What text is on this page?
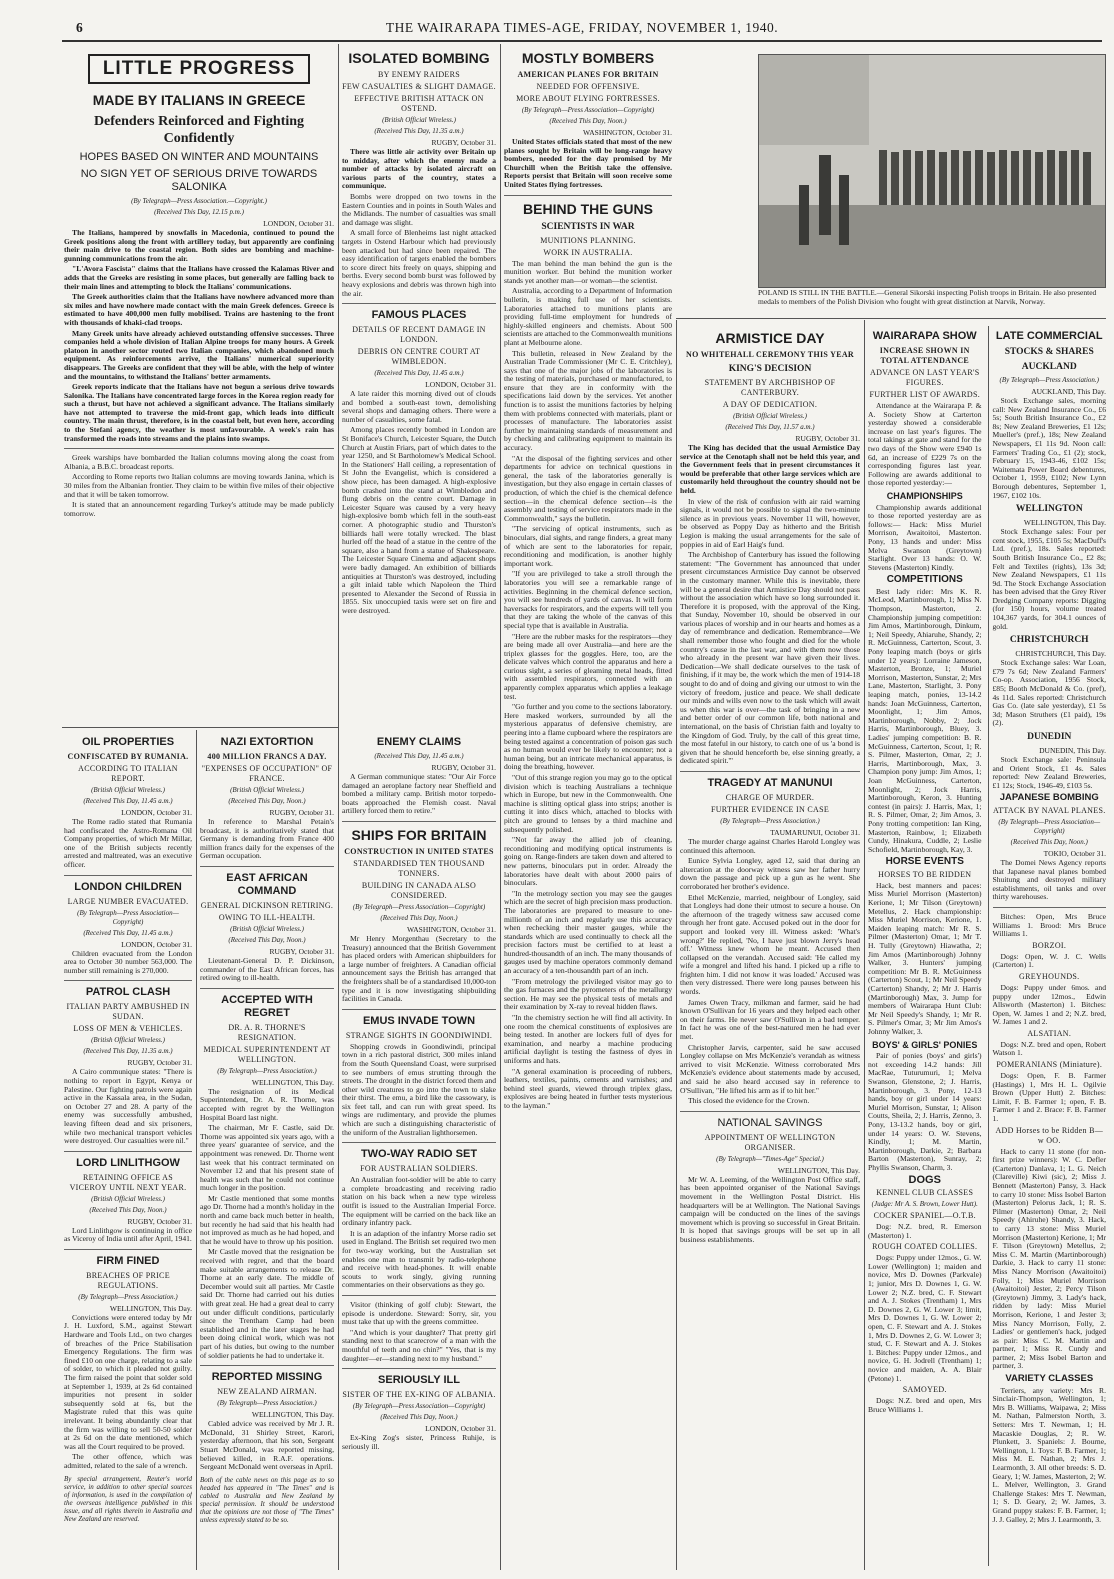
6	THE WAIRARAPA TIMES-AGE, FRIDAY, NOVEMBER 1, 1940.
LITTLE PROGRESS
MADE BY ITALIANS IN GREECE
Defenders Reinforced and Fighting Confidently
HOPES BASED ON WINTER AND MOUNTAINS
NO SIGN YET OF SERIOUS DRIVE TOWARDS SALONIKA
(By Telegraph—Press Association.—Copyright.)
(Received This Day, 12.15 p.m.)
LONDON, October 31.

The Italians, hampered by snowfalls in Macedonia, continued to pound the Greek positions along the front with artillery today, but apparently are confining their main drive to the coastal region. Both sides are bombing and machine-gunning communications from the air.

"L'Avora Fascista" claims that the Italians have crossed the Kalamas River and adds that the Greeks are resisting in some places, but generally are falling back to their main lines and attempting to block the Italians' communications.

The Greek authorities claim that the Italians have nowhere advanced more than six miles and have nowhere made contact with the main Greek defences. Greece is estimated to have 400,000 men fully mobilised. Trains are hastening to the front with thousands of khaki-clad troops.

Many Greek units have already achieved outstanding offensive successes. Three companies held a whole division of Italian Alpine troops for many hours. A Greek platoon in another sector routed two Italian companies, which abandoned much equipment. As reinforcements arrive, the Italians' numerical superiority disappears. The Greeks are confident that they will be able, with the help of winter and the mountains, to withstand the Italians' better armaments.

Greek reports indicate that the Italians have not begun a serious drive towards Salonika. The Italians have concentrated large forces in the Korea region ready for such a thrust, but have not achieved a significant advance. The Italians similarly have not attempted to traverse the mid-front gap, which leads into difficult country. The main thrust, therefore, is in the coastal belt, but even here, according to the Stefani agency, the weather is most unfavourable. A week's rain has transformed the roads into streams and the plains into swamps.

Greek warships have bombarded the Italian columns moving along the coast from Albania, a B.B.C. broadcast reports.

According to Rome reports two Italian columns are moving towards Janina, which is 30 miles from the Albanian frontier. They claim to be within five miles of their objective and that it will be taken tomorrow.

It is stated that an announcement regarding Turkey's attitude may be made publicly tomorrow.

ISOLATED BOMBING
BY ENEMY RAIDERS
FEW CASUALTIES & SLIGHT DAMAGE.
EFFECTIVE BRITISH ATTACK ON OSTEND.
(British Official Wireless.)
(Received This Day, 11.35 a.m.)
RUGBY, October 31.

There was little air activity over Britain up to midday, after which the enemy made a number of attacks by isolated aircraft on various parts of the country, states a communique.

Bombs were dropped on two towns in the Eastern Counties and in points in South Wales and the Midlands. The number of casualties was small and damage was slight.

A small force of Blenheims last night attacked targets in Ostend Harbour which had previously been attacked but had since been repaired. The easy identification of targets enabled the bombers to score direct hits freely on quays, shipping and berths. Every second bomb burst was followed by heavy explosions and debris was thrown high into the air.

FAMOUS PLACES
DETAILS OF RECENT DAMAGE IN LONDON.
DEBRIS ON CENTRE COURT AT WIMBLEDON.
(Received This Day, 11.45 a.m.)
LONDON, October 31.

A late raider this morning dived out of clouds and bombed a south-east town, demolishing several shops and damaging others. There were a number of casualties, some fatal.

Among places recently bombed in London are St Boniface's Church, Leicester Square, the Dutch Church at Austin Friars, part of which dates to the year 1250, and St Bartholomew's Medical School. In the Stationers' Hall ceiling, a representation of St John the Evangelist, which is considered a show piece, has been damaged. A high-explosive bomb crashed into the stand at Wimbledon and flung debris on the centre court. Damage in Leicester Square was caused by a very heavy high-explosive bomb which fell in the south-east corner. A photographic studio and Thurston's billiards hall were totally wrecked. The blast hurled off the head of a statue in the centre of the square, also a hand from a statue of Shakespeare. The Leicester Square Cinema and adjacent shops were badly damaged. An exhibition of billiards antiquities at Thurston's was destroyed, including a gilt inlaid table which Napoleon the Third presented to Alexander the Second of Russia in 1855. Six unoccupied taxis were set on fire and were destroyed.

MOSTLY BOMBERS
AMERICAN PLANES FOR BRITAIN
NEEDED FOR OFFENSIVE.
MORE ABOUT FLYING FORTRESSES.
(By Telegraph—Press Association—Copyright)
(Received This Day, Noon.)
WASHINGTON, October 31.

United States officials stated that most of the new planes sought by Britain will be long-range heavy bombers, needed for the day promised by Mr Churchill when the British take the offensive. Reports persist that Britain will soon receive some United States flying fortresses.

BEHIND THE GUNS
SCIENTISTS IN WAR
MUNITIONS PLANNING.
WORK IN AUSTRALIA.

The man behind the man behind the gun is the munition worker. But behind the munition worker stands yet another man—or woman—the scientist.

Australia, according to a Department of Information bulletin, is making full use of her scientists. Laboratories attached to munitions plants are providing full-time employment for hundreds of highly-skilled engineers and chemists. About 500 scientists are attached to the Commonwealth munitions plant at Melbourne alone.

This bulletin, released in New Zealand by the Australian Trade Commissioner (Mr C. E. Critchley), says that one of the major jobs of the laboratories is the testing of materials, purchased or manufactured, to ensure that they are in conformity with the specifications laid down by the services. Yet another function is to assist the munitions factories by helping them with problems connected with materials, plant or processes of manufacture. The laboratories assist further by maintaining standards of measurement and by checking and calibrating equipment to maintain its accuracy.

"At the disposal of the fighting services and other departments for advice on technical questions in general, the task of the laboratories generally is investigation, but they also engage in certain classes of production, of which the chief is the chemical defence section—in the chemical defence section—is the assembly and testing of service respirators made in the Commonwealth," says the bulletin.

"The servicing of optical instruments, such as binoculars, dial sights, and range finders, a great many of which are sent to the laboratories for repair, reconditioning and modification, is another highly important work.

"If you are privileged to take a stroll through the laboratories you will see a remarkable range of activities. Beginning in the chemical defence section, you will see hundreds of yards of canvas. It will form haversacks for respirators, and the experts will tell you that they are taking the whole of the canvas of this special type that is available in Australia.

"Here are the rubber masks for the respirators—they are being made all over Australia—and here are the triplex glasses for the goggles. Here, too, are the delicate valves which control the apparatus and here a curious sight, a series of gleaming metal heads, fitted with assembled respirators, connected with an apparently complex apparatus which applies a leakage test.

"Go further and you come to the sections laboratory. Here masked workers, surrounded by all the mysterious apparatus of defensive chemistry, are peering into a flame cupboard where the respirators are being tested against a concentration of poison gas such as no human would ever be likely to encounter; not a human being, but an intricate mechanical apparatus, is doing the breathing, however.

"Out of this strange region you may go to the optical division which is teaching Australians a technique which in Europe, but new in the Commonwealth. One machine is slitting optical glass into strips; another is cutting it into discs which, attached to blocks with pitch are ground to lenses by a third machine and subsequently polished.

"Not far away the allied job of cleaning, reconditioning and modifying optical instruments is going on. Range-finders are taken down and altered to new patterns, binoculars put in order. Already the laboratories have dealt with about 2000 pairs of binoculars.

"In the metrology section you may see the gauges which are the secret of high precision mass production. The laboratories are prepared to measure to one-millionth of an inch and regularly use this accuracy when rechecking their master gauges, while the standards which are used continually to check all the precision factors must be certified to at least a hundred-thousandth of an inch. The many thousands of gauges used by machine operators commonly demand an accuracy of a ten-thousandth part of an inch.

"From metrology the privileged visitor may go to the gas furnaces and the pyrometers of the metallurgy section. He may see the physical tests of metals and their examination by X-ray to reveal hidden flaws.

"In the chemistry section he will find all activity. In one room the chemical constituents of explosives are being tested. In another are lockers full of dyes for examination, and nearby a machine producing artificial daylight is testing the fastness of dyes in uniforms and hats.

"A general examination is proceeding of rubbers, leathers, textiles, paints, cements and varnishes; and behind steel guards, viewed through triplex glass, explosives are being heated in further tests mysterious to the layman."

POLAND IS STILL IN THE BATTLE.—General Sikorski inspecting Polish troops in Britain. He also presented medals to members of the Polish Division who fought with great distinction at Narvik, Norway.
ARMISTICE DAY
NO WHITEHALL CEREMONY THIS YEAR
KING'S DECISION
STATEMENT BY ARCHBISHOP OF CANTERBURY.
A DAY OF DEDICATION.
(British Official Wireless.)
(Received This Day, 11.57 a.m.)
RUGBY, October 31.

The King has decided that the usual Armistice Day service at the Cenotaph shall not be held this year, and the Government feels that in present circumstances it would be preferable that other large services which are customarily held throughout the country should not be held.

In view of the risk of confusion with air raid warning signals, it would not be possible to signal the two-minute silence as in previous years. November 11 will, however, be observed as Poppy Day as hitherto and the British Legion is making the usual arrangements for the sale of poppies in aid of Earl Haig's fund.

The Archbishop of Canterbury has issued the following statement: "The Government has announced that under present circumstances Armistice Day cannot be observed in the customary manner. While this is inevitable, there will be a general desire that Armistice Day should not pass without the association which have so long surrounded it. Therefore it is proposed, with the approval of the King, that Sunday, November 10, should be observed in our various places of worship and in our hearts and homes as a day of remembrance and dedication. Remembrance—We shall remember those who fought and died for the whole country's cause in the last war, and with them now those who already in the present war have given their lives. Dedication—We shall dedicate ourselves to the task of finishing, if it may be, the work which the men of 1914-18 sought to do and of doing and giving our utmost to win the victory of freedom, justice and peace. We shall dedicate our minds and wills even now to the task which will await us when this war is over—the task of bringing in a new and better order of our common life, both national and international, on the basis of Christian faith and loyalty to the Kingdom of God. Truly, by the call of this great time, the most fateful in our history, to catch one of us 'a bond is given that he should henceforth be, else sinning greatly, a dedicated spirit.'"

TRAGEDY AT MANUNUI
CHARGE OF MURDER.
FURTHER EVIDENCE IN CASE
(By Telegraph—Press Association.)
TAUMARUNUI, October 31.

The murder charge against Charles Harold Longley was continued this afternoon.

Eunice Sylvia Longley, aged 12, said that during an altercation at the doorway witness saw her father hurry down the passage and pick up a gun as he went. She corroborated her brother's evidence.

Ethel McKenzie, married, neighbour of Longley, said that Longleys had done their utmost to secure a house. On the afternoon of the tragedy witness saw accused come through her front gate. Accused poked out in the door for support and looked very ill. Witness asked: 'What's wrong?' He replied, 'No, I have just blown Jerry's head off.' Witness knew whom he meant. Accused then collapsed on the verandah. Accused said: 'He called my wife a mongrel and lifted his hand. I picked up a rifle to frighten him. I did not know it was loaded.' Accused was then very distressed. There were long pauses between his words.

James Owen Tracy, milkman and farmer, said he had known O'Sullivan for 16 years and they helped each other on their farms. He never saw O'Sullivan in a bad temper. In fact he was one of the best-natured men he had ever met.

Christopher Jarvis, carpenter, said he saw accused Longley collapse on Mrs McKenzie's verandah as witness arrived to visit McKenzie. Witness corroborated Mrs McKenzie's evidence about statements made by accused, and said he also heard accused say in reference to O'Sullivan, "He lifted his arm as if to hit her."

This closed the evidence for the Crown.

NATIONAL SAVINGS
APPOINTMENT OF WELLINGTON ORGANISER.
(By Telegraph—"Times-Age" Special.)
WELLINGTON, This Day.

Mr W. A. Leeming, of the Wellington Post Office staff, has been appointed organiser of the National Savings movement in the Wellington Postal District. His headquarters will be at Wellington. The National Savings campaign will be conducted on the lines of the savings movement which is proving so successful in Great Britain. It is hoped that savings groups will be set up in all business establishments.

OIL PROPERTIES
CONFISCATED BY RUMANIA.
ACCORDING TO ITALIAN REPORT.
(British Official Wireless.)
(Received This Day, 11.45 a.m.)
LONDON, October 31.

The Rome radio stated that Rumania had confiscated the Astro-Romana Oil Company properties, of which Mr Millar, one of the British subjects recently arrested and maltreated, was an executive officer.

LONDON CHILDREN
LARGE NUMBER EVACUATED.
(By Telegraph—Press Association—Copyright)
(Received This Day, 11.45 a.m.)
LONDON, October 31.

Children evacuated from the London area to October 30 number 563,000. The number still remaining is 270,000.

PATROL CLASH
ITALIAN PARTY AMBUSHED IN SUDAN.
LOSS OF MEN & VEHICLES.
(British Official Wireless.)
(Received This Day, 11.35 a.m.)
RUGBY, October 31.

A Cairo communique states: "There is nothing to report in Egypt, Kenya or Palestine. Our fighting patrols were again active in the Kassala area, in the Sudan, on October 27 and 28. A party of the enemy was successfully ambushed, leaving fifteen dead and six prisoners, while two mechanical transport vehicles were destroyed. Our casualties were nil."

LORD LINLITHGOW
RETAINING OFFICE AS VICEROY UNTIL NEXT YEAR.
(British Official Wireless.)
(Received This Day, Noon.)
RUGBY, October 31.

Lord Linlithgow is continuing in office as Viceroy of India until after April, 1941.

FIRM FINED
BREACHES OF PRICE REGULATIONS.
(By Telegraph—Press Association.)
WELLINGTON, This Day.

Convictions were entered today by Mr J. H. Luxford, S.M., against Stewart Hardware and Tools Ltd., on two charges of breaches of the Price Stabilisation Emergency Regulations. The firm was fined £10 on one charge, relating to a sale of solder, to which it pleaded not guilty. The firm raised the point that solder sold at September 1, 1939, at 2s 6d contained impurities not present in solder subsequently sold at 6s, but the Magistrate ruled that this was quite irrelevant. It being abundantly clear that the firm was willing to sell 50-50 solder at 2s 6d on the date mentioned, which was all the Court required to be proved.

The other offence, which was admitted, related to the sale of a wrench.

By special arrangement, Reuter's world service, in addition to other special sources of information, is used in the compilation of the overseas intelligence published in this issue, and all rights therein in Australia and New Zealand are reserved.
NAZI EXTORTION
400 MILLION FRANCS A DAY.
"EXPENSES OF OCCUPATION" OF FRANCE.
(British Official Wireless.)
(Received This Day, Noon.)
RUGBY, October 31.

In reference to Marshal Petain's broadcast, it is authoritatively stated that Germany is demanding from France 400 million francs daily for the expenses of the German occupation.

EAST AFRICAN COMMAND
GENERAL DICKINSON RETIRING.
OWING TO ILL-HEALTH.
(British Official Wireless.)
(Received This Day, Noon.)
RUGBY, October 31.

Lieutenant-General D. P. Dickinson, commander of the East African forces, has retired owing to ill-health.

ACCEPTED WITH REGRET
DR. A. R. THORNE'S RESIGNATION.
MEDICAL SUPERINTENDENT AT WELLINGTON.
(By Telegraph—Press Association.)
WELLINGTON, This Day.

The resignation of its Medical Superintendent, Dr. A. R. Thorne, was accepted with regret by the Wellington Hospital Board last night.

The chairman, Mr F. Castle, said Dr. Thorne was appointed six years ago, with a three years' guarantee of service, and the appointment was renewed. Dr. Thorne went last week that his contract terminated on November 12 and that his present state of health was such that he could not continue much longer in the position.

Mr Castle mentioned that some months ago Dr. Thorne had a month's holiday in the north and came back much better in health, but recently he had said that his health had not improved as much as he had hoped, and that he would have to throw up his position.

Mr Castle moved that the resignation be received with regret, and that the board make suitable arrangements to release Dr. Thorne at an early date. The middle of December would suit all parties. Mr Castle said Dr. Thorne had carried out his duties with great zeal. He had a great deal to carry out under difficult conditions, particularly since the Trentham Camp had been established and in the later stages he had been doing clinical work, which was not part of his duties, but owing to the number of soldier patients he had to undertake it.

REPORTED MISSING
NEW ZEALAND AIRMAN.
(By Telegraph—Press Association.)
WELLINGTON, This Day.

Cabled advice was received by Mr J. R. McDonald, 31 Shirley Street, Karori, yesterday afternoon, that his son, Sergeant Stuart McDonald, was reported missing, believed killed, in R.A.F. operations. Sergeant McDonald went overseas in April.

Both of the cable news on this page as to so headed has appeared in "The Times" and is cabled to Australia and New Zealand by special permission. It should be understood that the opinions are not those of "The Times" unless expressly stated to be so.
ENEMY CLAIMS
(Received This Day, 11.45 a.m.)
RUGBY, October 31.

A German communique states: "Our Air Force damaged an aeroplane factory near Sheffield and bombed a military camp. British motor torpedo-boats approached the Flemish coast. Naval artillery forced them to retire."

SHIPS FOR BRITAIN
CONSTRUCTION IN UNITED STATES
STANDARDISED TEN THOUSAND TONNERS.
BUILDING IN CANADA ALSO CONSIDERED.
(By Telegraph—Press Association—Copyright)
(Received This Day, Noon.)
WASHINGTON, October 31.

Mr Henry Morgenthau (Secretary to the Treasury) announced that the British Government has placed orders with American shipbuilders for a large number of freighters. A Canadian official announcement says the British has arranged that the freighters shall be of a standardised 10,000-ton type and it is now investigating shipbuilding facilities in Canada.

EMUS INVADE TOWN
STRANGE SIGHTS IN GOONDIWINDI.

Shopping crowds in Goondiwindi, principal town in a rich pastoral district, 300 miles inland from the South Queensland Coast, were surprised to see numbers of emus strutting through the streets. The drought in the district forced them and other wild creatures to go into the town to slake their thirst. The emu, a bird like the cassowary, is six feet tall, and can run with great speed. Its wings are rudimentary, and provide the plumes which are such a distinguishing characteristic of the uniform of the Australian lighthorsemen.

TWO-WAY RADIO SET
FOR AUSTRALIAN SOLDIERS.

An Australian foot-soldier will be able to carry a complete broadcasting and receiving radio station on his back when a new type wireless outfit is issued to the Australian Imperial Force. The equipment will be carried on the back like an ordinary infantry pack.

It is an adaption of the infantry Morse radio set used in England. The British set required two men for two-way working, but the Australian set enables one man to transmit by radio-telephone and receive with head-phones. It will enable scouts to work singly, giving running commentaries on their observations as they go.

Visitor (thinking of golf club): Stewart, the episode is underdone. Steward: Sorry, sir, you must take that up with the greens committee.

"And which is your daughter? That pretty girl standing next to that scarecrow of a man with the mouthful of teeth and no chin?" "Yes, that is my daughter—er—standing next to my husband."

SERIOUSLY ILL
SISTER OF THE EX-KING OF ALBANIA.
(By Telegraph—Press Association—Copyright)
(Received This Day, Noon.)
LONDON, October 31.

Ex-King Zog's sister, Princess Ruhije, is seriously ill.

WAIRARAPA SHOW
INCREASE SHOWN IN TOTAL ATTENDANCE
ADVANCE ON LAST YEAR'S FIGURES.
FURTHER LIST OF AWARDS.

Attendance at the Wairarapa P. & A. Society Show at Carterton yesterday showed a considerable increase on last year's figures. The total takings at gate and stand for the two days of the Show were £940 1s 6d, an increase of £229 7s on the corresponding figures last year. Following are awards additional to those reported yesterday:—

CHAMPIONSHIPS

Championship awards additional to those reported yesterday are as follows:— Hack: Miss Muriel Morrison, Awaitoitoi, Masterton. Pony, 13 hands and under: Miss Melva Swanson (Greytown) Starlight. Over 13 hands: O. W. Stevens (Masterton) Kindly.

COMPETITIONS

Best lady rider: Mrs K. R. McLeod, Martinborough, 1; Miss N. Thompson, Masterton, 2. Championship jumping competition: Jim Amos, Martinborough, Dinkum, 1; Neil Speedy, Ahiaruhe, Shandy, 2; R. McGuinness, Carterton, Scout, 3. Pony leaping match (boys or girls under 12 years): Lorraine Jameson, Masterton, Bronze, 1; Muriel Morrison, Masterton, Sunstar, 2; Mrs Lane, Masterton, Starlight, 3. Pony leaping match, ponies, 13-14.2 hands: Joan McGuinness, Carterton, Moonlight, 1; Jim Amos, Martinborough, Nobby, 2; Jock Harris, Martinborough, Bluey, 3. Ladies' jumping competition: B. R. McGuinness, Carterton, Scout, 1; R. S. Pilmer, Masterton, Omar, 2; J. Harris, Martinborough, Max, 3. Champion pony jump: Jim Amos, 1; Joan McGuinness, Carterton, Moonlight, 2; Jock Harris, Martinborough, Keron, 3. Hunting contest (in pairs): J. Harris, Max, 1; R. S. Pilmer, Omar, 2; Jim Amos, 3. Pony trotting competition: Ian King, Masterton, Rainbow, 1; Elizabeth Cundy, Hinakura, Cuddle, 2; Leslie Schofield, Martinborough, Kay, 3.

HORSE EVENTS
HORSES TO BE RIDDEN

Hack, best manners and paces: Miss Muriel Morrison (Masterton) Kerione, 1; Mr Tilson (Greytown) Metellus, 2. Hack championship: Miss Muriel Morrison, Kerione, 1. Maiden leaping match: Mr R. S. Pilmer (Masterton) Omar, 1; Mr T. H. Tully (Greytown) Hiawatha, 2; Jim Amos (Martinborough) Johnny Walker, 3. Hunters' jumping competition: Mr B. R. McGuinness (Carterton) Scout, 1; Mr Neil Speedy (Carterton) Shandy, 2; Mr J. Harris (Martinborough) Max, 3. Jump for members of Wairarapa Hunt Club: Mr Neil Speedy's Shandy, 1; Mr R. S. Pilmer's Omar, 3; Mr Jim Amos's Johnny Walker, 3.

BOYS' & GIRLS' PONIES

Pair of ponies (boys' and girls') not exceeding 14.2 hands: Jill MacRae, Tuturumuri, 1; Melva Swanson, Glenstone, 2; J. Harris, Martinborough, 3. Pony, 12-13 hands, boy or girl under 14 years: Muriel Morrison, Sunstar, 1; Alison Coutts, Sheila, 2; J. Harris, Zenno, 3. Pony, 13-13.2 hands, boy or girl, under 14 years: O. W. Stevens, Kindly, 1; M. Martin, Martinborough, Darkie, 2; Barbara Barton (Masterton), Sunray, 2; Phyllis Swanson, Charm, 3.

DOGS
KENNEL CLUB CLASSES
(Judge: Mr A. S. Brown, Lower Hutt).
COCKER SPANIEL—O.T.B.

Dog: N.Z. bred, R. Emerson (Masterton) 1.

ROUGH COATED COLLIES.

Dogs: Puppy under 12mos., G. W. Lower (Wellington) 1; maiden and novice, Mrs D. Downes (Parkvale) 1; junior, Mrs D. Downes 1, G. W. Lower 2; N.Z. bred, C. F. Stewart and A. J. Stokes (Trentham) 1, Mrs D. Downes 2, G. W. Lower 3; limit, Mrs D. Downes 1, G. W. Lower 2; open, C. F. Stewart and A. J. Stokes 1, Mrs D. Downes 2, G. W. Lower 3; stud, C. F. Stewart and A. J. Stokes 1. Bitches: Puppy under 12mos., and novice, G. H. Jodrell (Trentham) 1; novice and maiden, A. A. Blair (Petone) 1.

SAMOYED.

Dogs: N.Z. bred and open, Mrs Bruce Williams 1.

LATE COMMERCIAL
STOCKS & SHARES
AUCKLAND
(By Telegraph—Press Association.)
AUCKLAND, This Day.

Stock Exchange sales, morning call: New Zealand Insurance Co., £6 5s; South British Insurance Co., £2 8s; New Zealand Breweries, £1 12s; Mueller's (pref.), 18s; New Zealand Newspapers, £1 11s 9d. Noon call: Farmers' Trading Co., £1 (2); stock, February 15, 1943-46, £102 15s; Waitemata Power Board debentures, October 1, 1959, £102; New Lynn Borough debentures, September 1, 1967, £102 10s.

WELLINGTON
WELLINGTON, This Day.

Stock Exchange sales: Four per cent stock, 1955, £105 5s; MacDuff's Ltd. (pref.), 18s. Sales reported: South British Insurance Co., £2 8s; Felt and Textiles (rights), 13s 3d; New Zealand Newspapers, £1 11s 9d. The Stock Exchange Association has been advised that the Grey River Dredging Company reports: Digging (for 150) hours, volume treated 104,367 yards, for 304.1 ounces of gold.

CHRISTCHURCH
CHRISTCHURCH, This Day.

Stock Exchange sales: War Loan, £79 7s 6d; New Zealand Farmers' Co-op. Association, 1956 Stock, £85; Booth McDonald & Co. (pref), 4s 11d. Sales reported: Christchurch Gas Co. (late sale yesterday), £1 5s 3d; Mason Struthers (£1 paid), 19s (2).

DUNEDIN
DUNEDIN, This Day.

Stock Exchange sale: Peninsula and Orient Stock, £1 4s. Sales reported: New Zealand Breweries, £1 12s; Stock, 1946-49, £103 5s.

JAPANESE BOMBING
ATTACK BY NAVAL PLANES.
(By Telegraph—Press Association—Copyright)
(Received This Day, Noon.)
TOKIO, October 31.

The Domei News Agency reports that Japanese naval planes bombed Shuitung and destroyed military establishments, oil tanks and over thirty warehouses.

Bitches: Open, Mrs Bruce Williams 1. Brood: Mrs Bruce Williams 1.

BORZOI.

Dogs: Open, W. J. C. Wells (Carterton) 1.

GREYHOUNDS.

Dogs: Puppy under 6mos. and puppy under 12mos., Edwin Allsworth (Masterton) 1. Bitches: Open, W. James 1 and 2; N.Z. bred, W. James 1 and 2.

ALSATIAN.

Dogs: N.Z. bred and open, Robert Watson 1.

POMERANIANS (Miniature).

Dogs: Open, F. B. Farmer (Hastings) 1, Mrs H. L. Ogilvie Brown (Upper Hutt) 2. Bitches: Limit, F. B. Farmer 1; open, F. B. Farmer 1 and 2. Brace: F. B. Farmer 1.

ADD Horses to be Ridden B—w OO.

Hack to carry 11 stone (for non-first prize winners): W. C. Defler (Carterton) Danlava, 1; L. G. Neich (Clareville) Kiwi (sic), 2; Miss J. Bennett (Masterton) Pansy, 3. Hack to carry 10 stone: Miss Isobel Barton (Masterton) Pelorus Jack, 1; R. S. Pilmer (Masterton) Omar, 2; Neil Speedy (Ahiruhe) Shandy, 3. Hack, to carry 13 stone: Miss Muriel Morrison (Masterton) Kerione, 1; Mr F. Tilson (Greytown) Metellus, 2; Miss C. M. Martin (Martinborough) Darkie, 3. Hack to carry 11 stone: Miss Nancy Morrison (Awaitoitoi) Folly, 1; Miss Muriel Morrison (Awaitoitoi) Jester, 2; Percy Tilson (Greytown) Jimmy, 3. Lady's hack, ridden by lady: Miss Muriel Morrison, Kerione, 1 and Jester 3; Miss Nancy Morrison, Folly, 2. Ladies' or gentlemen's hack, judged as pair: Miss C. M. Martin and partner, 1; Miss R. Cundy and partner, 2; Miss Isobel Barton and partner, 3.

VARIETY CLASSES

Terriers, any variety: Mrs R. Sinclair-Thompson, Wellington, 1; Mrs B. Williams, Waipawa, 2; Miss M. Nathan, Palmerston North, 3. Setters: Mrs T. Newman, 1; H. Macaskie Douglas, 2; R. W. Plunkett, 3. Spaniels: J. Bourne, Wellington, 1. Toys: F. B. Farmer, 1; Miss M. E. Nathan, 2; Mrs J. Learmonth, 3. All other breeds: S. D. Geary, 1; W. James, Masterton, 2; W. L. Melver, Wellington, 3. Grand Challenge Stakes: Mrs T. Newman, 1; S. D. Geary, 2; W. James, 3. Grand puppy stakes: F. B. Farmer, 1; J. J. Galley, 2; Mrs J. Learmonth, 3.
